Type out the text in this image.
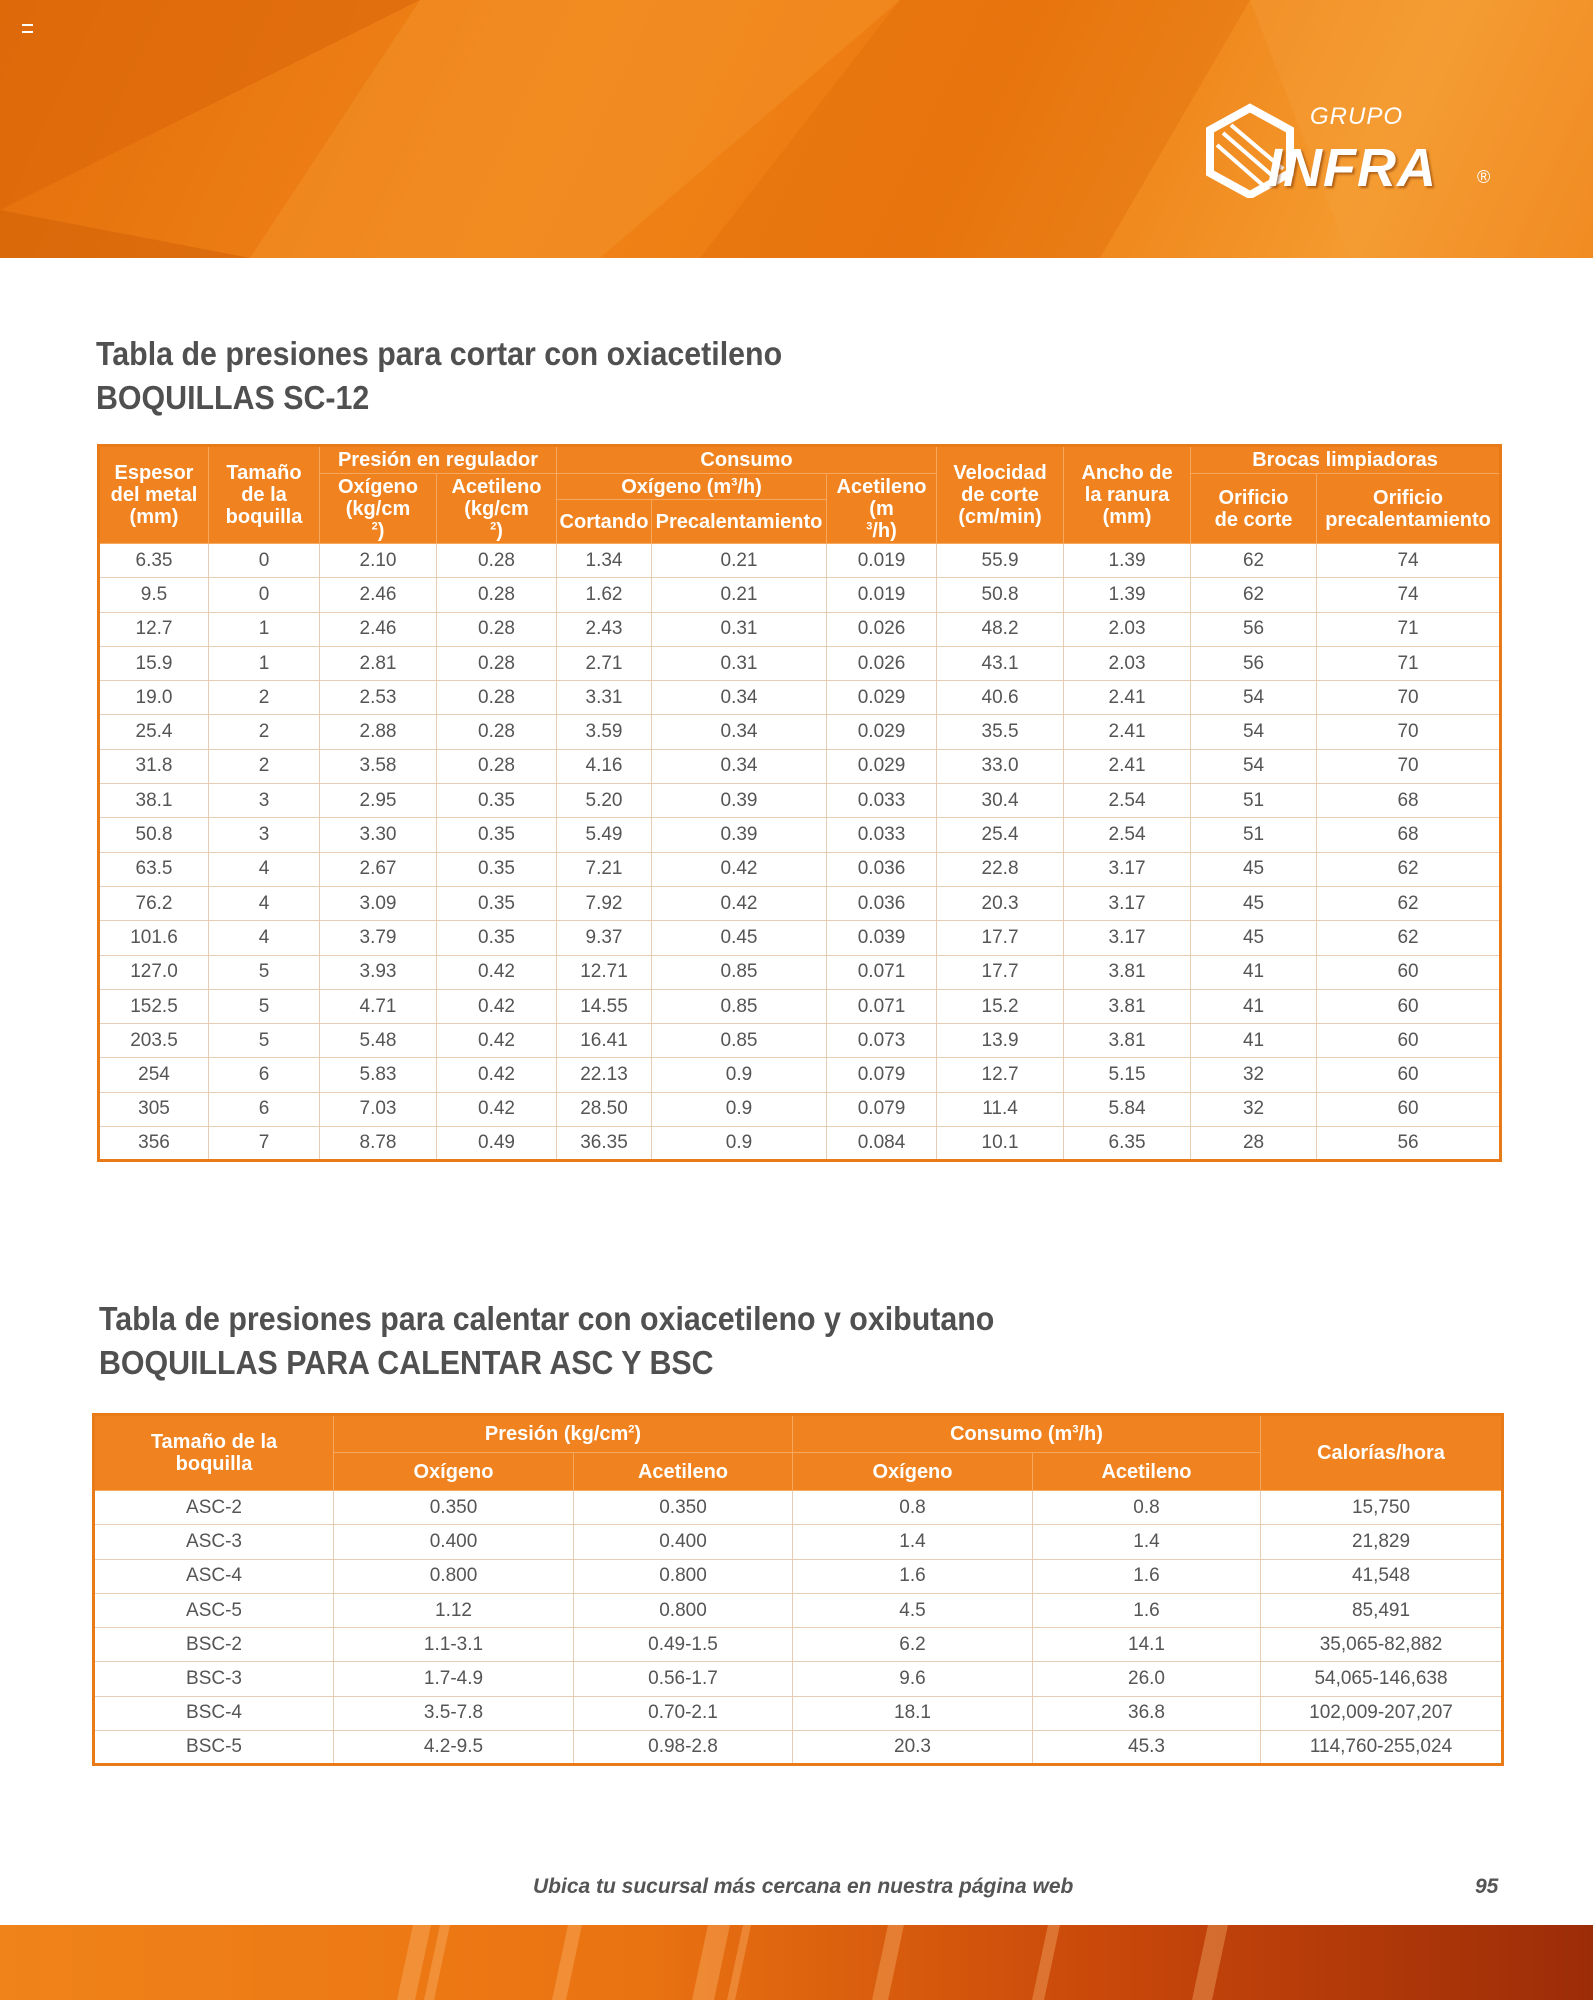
GRUPO
INFRA ®
Tabla de presiones para cortar con oxiacetileno
BOQUILLAS SC-12
Espesor del metal (mm)	Tamaño de la boquilla	Presión en regulador		Consumo			Velocidad de corte (cm/min)	Ancho de la ranura (mm)	Brocas limpiadoras	
		Oxígeno $(kg/cm^2)$	Acetileno $(kg/cm^2)$	Oxígeno $(m^3/h)$		Acetileno $(m^3/h)$			Orificio de corte	Orificio precalentamiento
				Cortando	Precalentamiento					
6.35	0	2.10	0.28	1.34	0.21	0.019	55.9	1.39	62	74
9.5	0	2.46	0.28	1.62	0.21	0.019	50.8	1.39	62	74
12.7	1	2.46	0.28	2.43	0.31	0.026	48.2	2.03	56	71
15.9	1	2.81	0.28	2.71	0.31	0.026	43.1	2.03	56	71
19.0	2	2.53	0.28	3.31	0.34	0.029	40.6	2.41	54	70
25.4	2	2.88	0.28	3.59	0.34	0.029	35.5	2.41	54	70
31.8	2	3.58	0.28	4.16	0.34	0.029	33.0	2.41	54	70
38.1	3	2.95	0.35	5.20	0.39	0.033	30.4	2.54	51	68
50.8	3	3.30	0.35	5.49	0.39	0.033	25.4	2.54	51	68
63.5	4	2.67	0.35	7.21	0.42	0.036	22.8	3.17	45	62
76.2	4	3.09	0.35	7.92	0.42	0.036	20.3	3.17	45	62
101.6	4	3.79	0.35	9.37	0.45	0.039	17.7	3.17	45	62
127.0	5	3.93	0.42	12.71	0.85	0.071	17.7	3.81	41	60
152.5	5	4.71	0.42	14.55	0.85	0.071	15.2	3.81	41	60
203.5	5	5.48	0.42	16.41	0.85	0.073	13.9	3.81	41	60
254	6	5.83	0.42	22.13	0.9	0.079	12.7	5.15	32	60
305	6	7.03	0.42	28.50	0.9	0.079	11.4	5.84	32	60
356	7	8.78	0.49	36.35	0.9	0.084	10.1	6.35	28	56
Tabla de presiones para calentar con oxiacetileno y oxibutano
BOQUILLAS PARA CALENTAR ASC Y BSC
Tamaño de la boquilla	Presión $(kg/cm^2)$		Consumo $(m^3/h)$		Calorías/hora
	Oxígeno	Acetileno	Oxígeno	Acetileno	
ASC-2	0.350	0.350	0.8	0.8	15,750
ASC-3	0.400	0.400	1.4	1.4	21,829
ASC-4	0.800	0.800	1.6	1.6	41,548
ASC-5	1.12	0.800	4.5	1.6	85,491
BSC-2	1.1-3.1	0.49-1.5	6.2	14.1	35,065-82,882
BSC-3	1.7-4.9	0.56-1.7	9.6	26.0	54,065-146,638
BSC-4	3.5-7.8	0.70-2.1	18.1	36.8	102,009-207,207
BSC-5	4.2-9.5	0.98-2.8	20.3	45.3	114,760-255,024
Ubica tu sucursal más cercana en nuestra página web	95
